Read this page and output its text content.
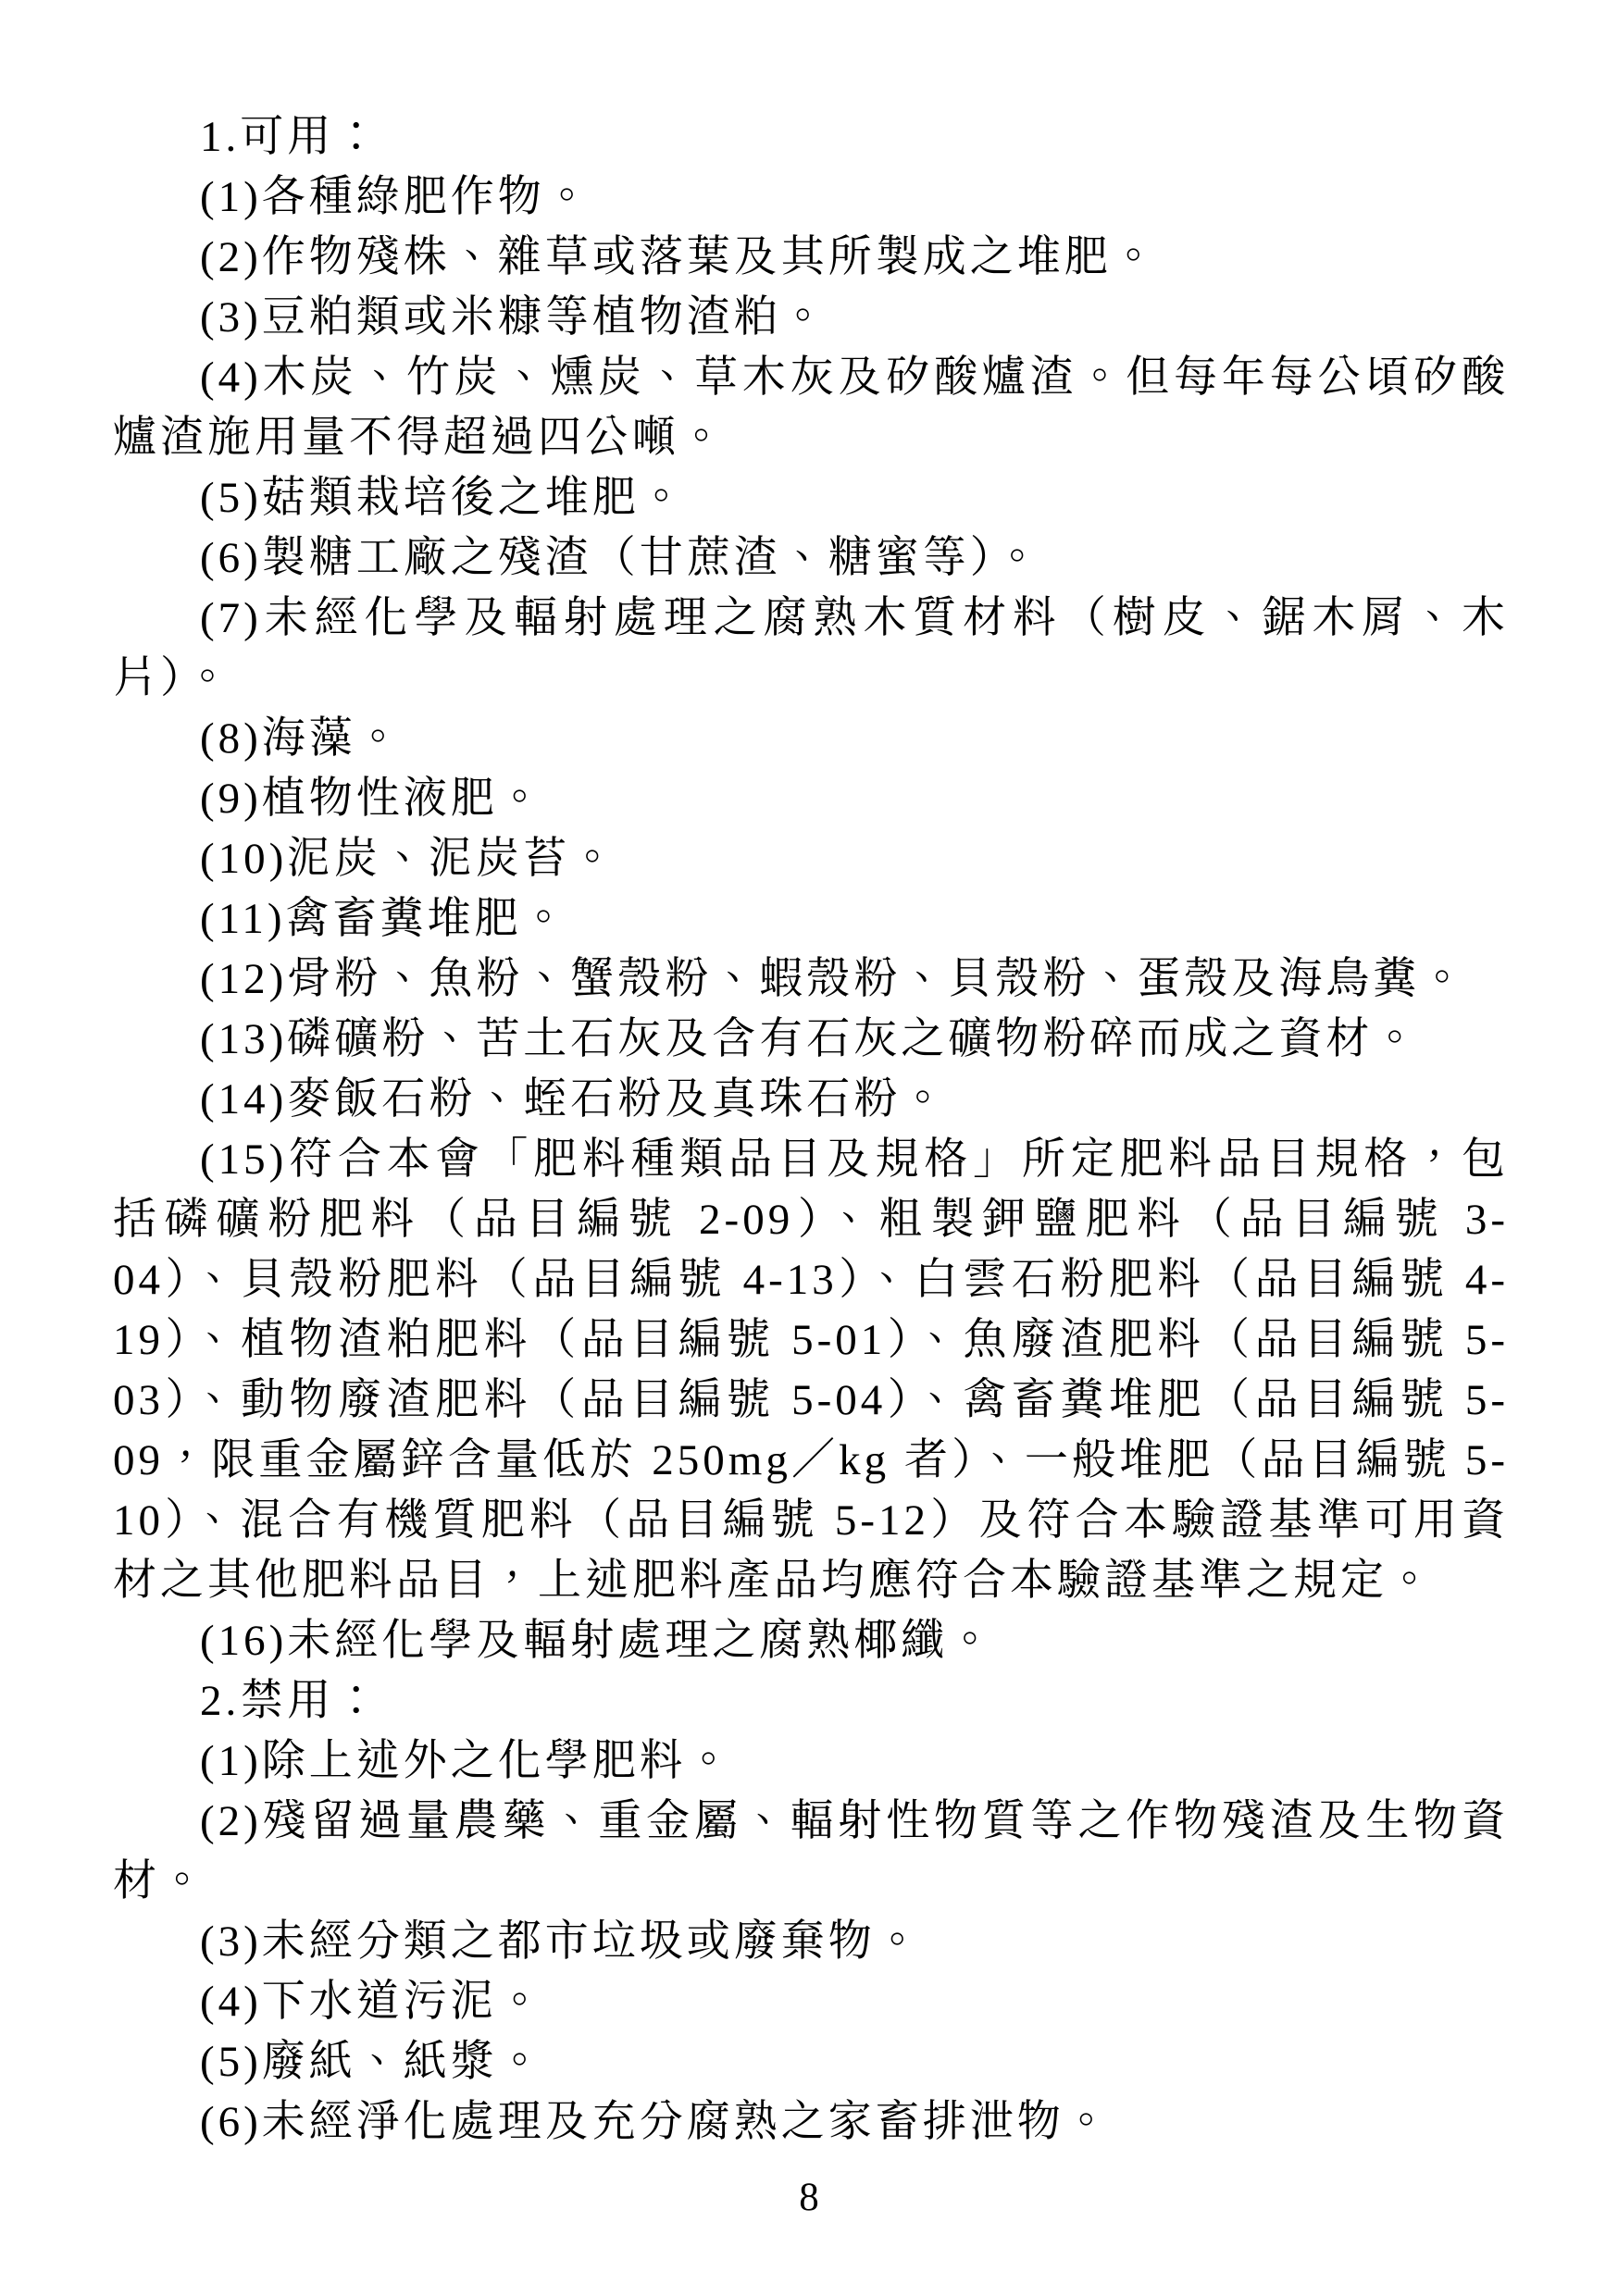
1.可用：

(1)各種綠肥作物。

(2)作物殘株、雜草或落葉及其所製成之堆肥。

(3)豆粕類或米糠等植物渣粕。

(4)木炭、竹炭、燻炭、草木灰及矽酸爐渣。但每年每公頃矽酸爐渣施用量不得超過四公噸。

(5)菇類栽培後之堆肥。

(6)製糖工廠之殘渣（甘蔗渣、糖蜜等）。

(7)未經化學及輻射處理之腐熟木質材料（樹皮、鋸木屑、木片）。

(8)海藻。

(9)植物性液肥。

(10)泥炭、泥炭苔。

(11)禽畜糞堆肥。

(12)骨粉、魚粉、蟹殼粉、蝦殼粉、貝殼粉、蛋殼及海鳥糞。

(13)磷礦粉、苦土石灰及含有石灰之礦物粉碎而成之資材。

(14)麥飯石粉、蛭石粉及真珠石粉。

(15)符合本會「肥料種類品目及規格」所定肥料品目規格，包括磷礦粉肥料（品目編號 2-09）、粗製鉀鹽肥料（品目編號 3-04）、貝殼粉肥料（品目編號 4-13）、白雲石粉肥料（品目編號 4-19）、植物渣粕肥料（品目編號 5-01）、魚廢渣肥料（品目編號 5-03）、動物廢渣肥料（品目編號 5-04）、禽畜糞堆肥（品目編號 5-09，限重金屬鋅含量低於 250mg／kg 者）、一般堆肥（品目編號 5-10）、混合有機質肥料（品目編號 5-12）及符合本驗證基準可用資材之其他肥料品目，上述肥料產品均應符合本驗證基準之規定。

(16)未經化學及輻射處理之腐熟椰纖。

2.禁用：

(1)除上述外之化學肥料。

(2)殘留過量農藥、重金屬、輻射性物質等之作物殘渣及生物資材。

(3)未經分類之都市垃圾或廢棄物。

(4)下水道污泥。

(5)廢紙、紙漿。

(6)未經淨化處理及充分腐熟之家畜排泄物。

8
